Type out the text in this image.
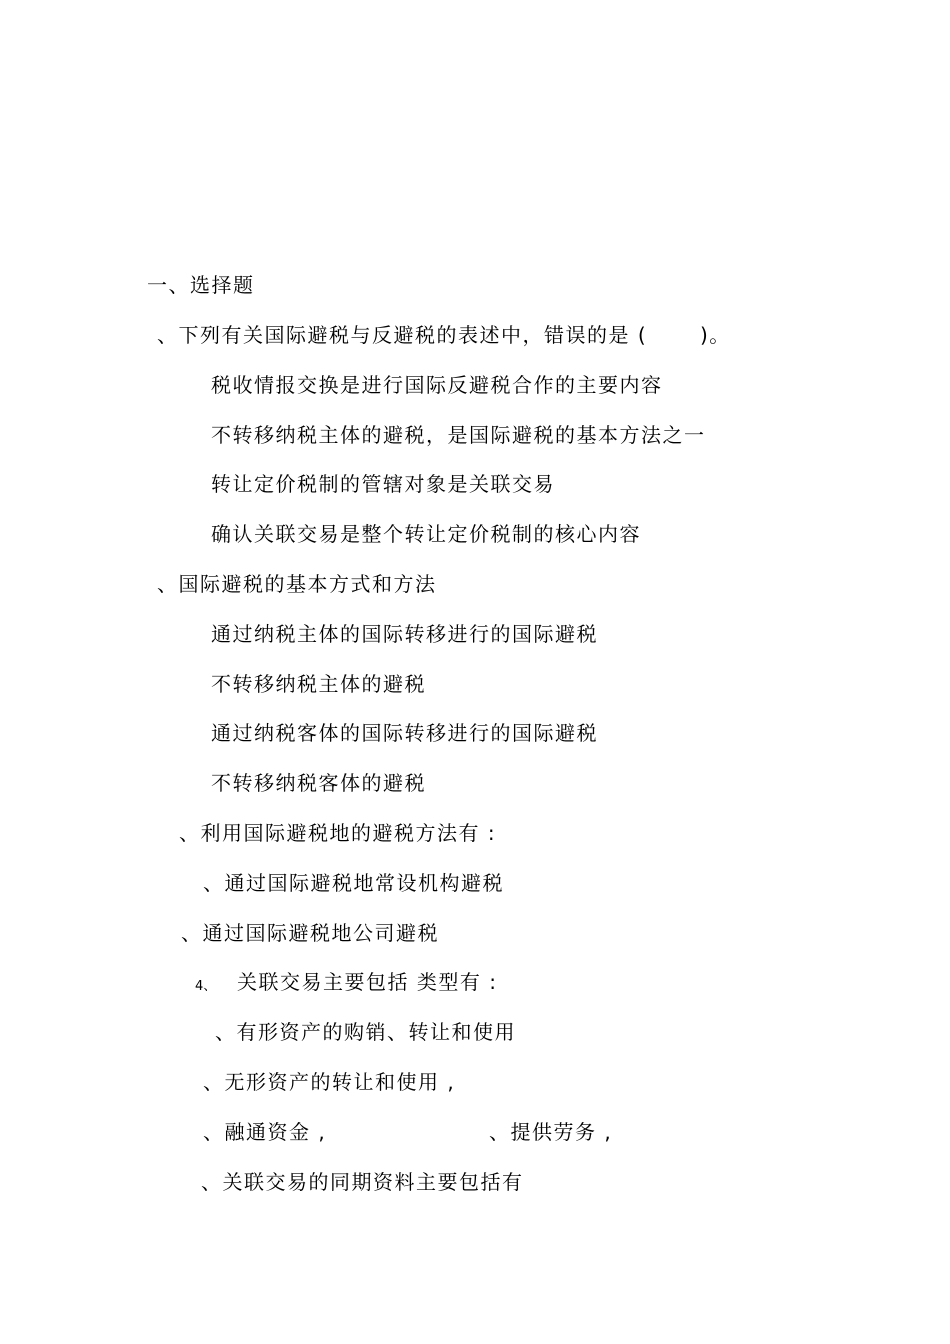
一、选择题
、下列有关国际避税与反避税的表述中，错误的是 (	)。
税收情报交换是进行国际反避税合作的主要内容
不转移纳税主体的避税，是国际避税的基本方法之一
转让定价税制的管辖对象是关联交易
确认关联交易是整个转让定价税制的核心内容
、国际避税的基本方式和方法
通过纳税主体的国际转移进行的国际避税
不转移纳税主体的避税
通过纳税客体的国际转移进行的国际避税
不转移纳税客体的避税
、利用国际避税地的避税方法有 :
、通过国际避税地常设机构避税
、通过国际避税地公司避税
4、 关联交易主要包括 类型有 :
、有形资产的购销、转让和使用
、无形资产的转让和使用 ,
、融通资金 ,	、提供劳务 ,
、关联交易的同期资料主要包括有
